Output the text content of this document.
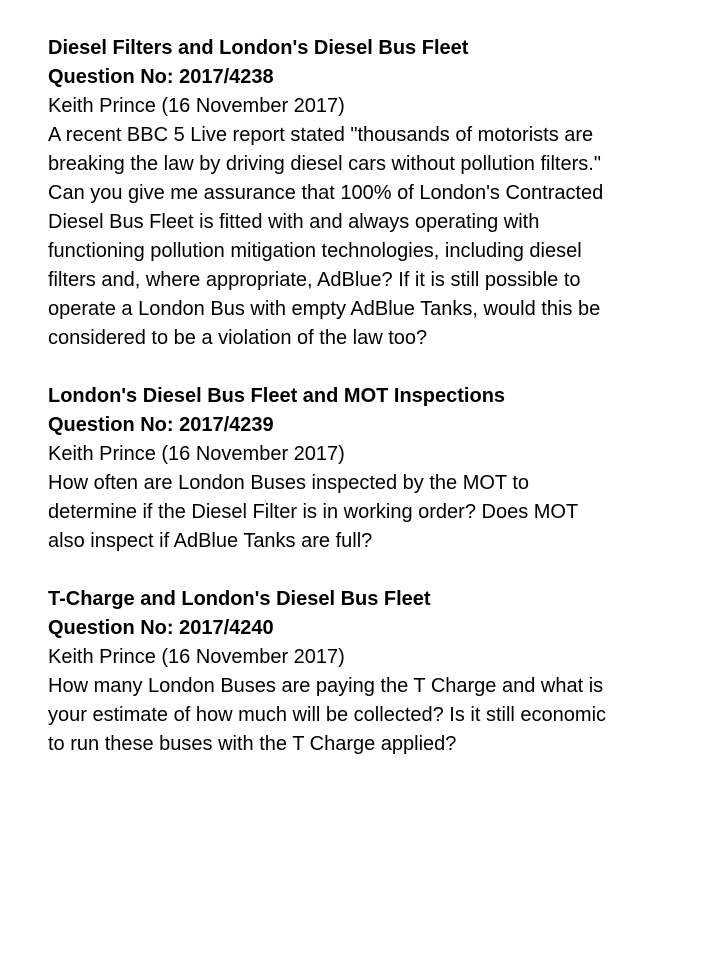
Diesel Filters and London's Diesel Bus Fleet
Question No: 2017/4238
Keith Prince (16 November 2017)
A recent BBC 5 Live report stated "thousands of motorists are
breaking the law by driving diesel cars without pollution filters."
Can you give me assurance that 100% of London's Contracted
Diesel Bus Fleet is fitted with and always operating with
functioning pollution mitigation technologies, including diesel
filters and, where appropriate, AdBlue? If it is still possible to
operate a London Bus with empty AdBlue Tanks, would this be
considered to be a violation of the law too?
London's Diesel Bus Fleet and MOT Inspections
Question No: 2017/4239
Keith Prince (16 November 2017)
How often are London Buses inspected by the MOT to
determine if the Diesel Filter is in working order? Does MOT
also inspect if AdBlue Tanks are full?
T-Charge and London's Diesel Bus Fleet
Question No: 2017/4240
Keith Prince (16 November 2017)
How many London Buses are paying the T Charge and what is
your estimate of how much will be collected? Is it still economic
to run these buses with the T Charge applied?
